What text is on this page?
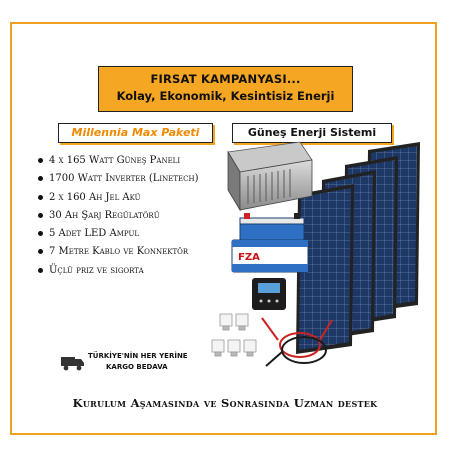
FIRSAT KAMPANYASI...
Kolay, Ekonomik, Kesintisiz Enerji
Millennia Max Paketi	Güneş Enerji Sistemi
4 x 165 Watt Güneş Paneli
1700 Watt Inverter (Linetech)
2 x 160 Ah Jel Akü
30 Ah Şarj Regülatörü
5 Adet LED Ampul
7 Metre Kablo ve Konnektör
Üçlü priz ve sigorta
FZA
TÜRKİYE'NİN HER YERİNE
KARGO BEDAVA
Kurulum Aşamasında ve Sonrasında Uzman destek
